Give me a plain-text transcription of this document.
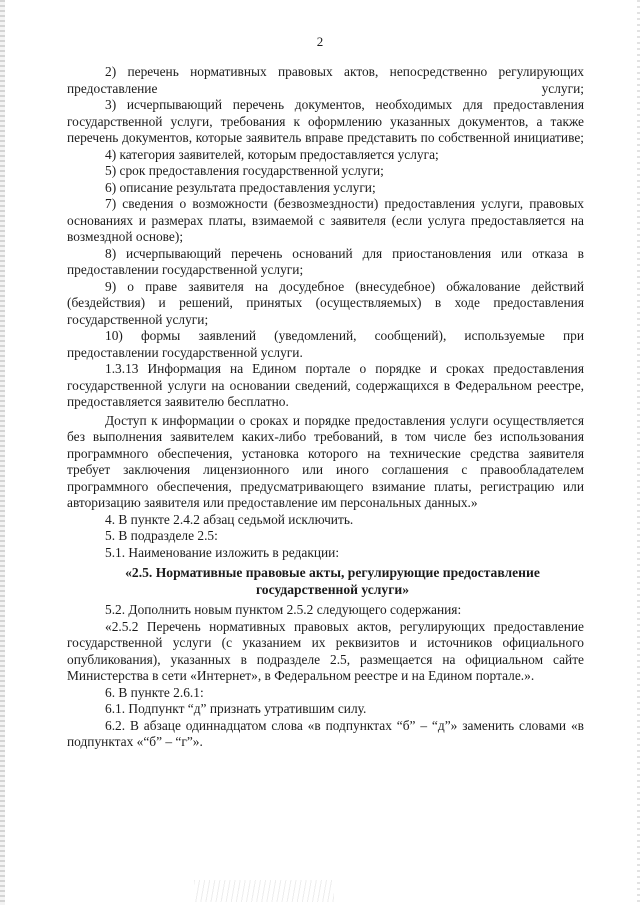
2

2) перечень нормативных правовых актов, непосредственно регулирующих предоставление услуги;

3) исчерпывающий перечень документов, необходимых для предоставления государственной услуги, требования к оформлению указанных документов, а также перечень документов, которые заявитель вправе представить по собственной инициативе;

4) категория заявителей, которым предоставляется услуга;

5) срок предоставления государственной услуги;

6) описание результата предоставления услуги;

7) сведения о возможности (безвозмездности) предоставления услуги, правовых основаниях и размерах платы, взимаемой с заявителя (если услуга предоставляется на возмездной основе);

8) исчерпывающий перечень оснований для приостановления или отказа в предоставлении государственной услуги;

9) о праве заявителя на досудебное (внесудебное) обжалование действий (бездействия) и решений, принятых (осуществляемых) в ходе предоставления государственной услуги;

10) формы заявлений (уведомлений, сообщений), используемые при предоставлении государственной услуги.

1.3.13 Информация на Едином портале о порядке и сроках предоставления государственной услуги на основании сведений, содержащихся в Федеральном реестре, предоставляется заявителю бесплатно.

Доступ к информации о сроках и порядке предоставления услуги осуществляется без выполнения заявителем каких-либо требований, в том числе без использования программного обеспечения, установка которого на технические средства заявителя требует заключения лицензионного или иного соглашения с правообладателем программного обеспечения, предусматривающего взимание платы, регистрацию или авторизацию заявителя или предоставление им персональных данных.»

4. В пункте 2.4.2 абзац седьмой исключить.

5. В подразделе 2.5:

5.1. Наименование изложить в редакции:

«2.5. Нормативные правовые акты, регулирующие предоставление государственной услуги»

5.2. Дополнить новым пунктом 2.5.2 следующего содержания:

«2.5.2 Перечень нормативных правовых актов, регулирующих предоставление государственной услуги (с указанием их реквизитов и источников официального опубликования), указанных в подразделе 2.5, размещается на официальном сайте Министерства в сети «Интернет», в Федеральном реестре и на Едином портале.».

6. В пункте 2.6.1:

6.1. Подпункт “д” признать утратившим силу.

6.2. В абзаце одиннадцатом слова «в подпунктах “б” – “д”» заменить словами «в подпунктах «“б” – “г”».
